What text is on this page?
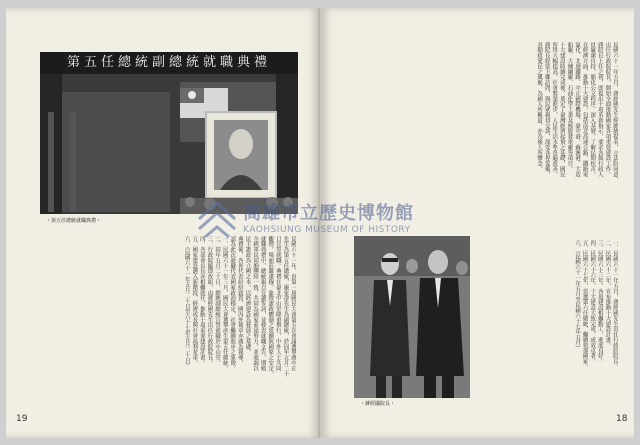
第五任總統副總統就職典禮
・第五任總統就職典禮・
民國六十一年，由第一屆國民大會第五次會議選舉蔣中正
先生為第五任總統，嚴家淦先生為副總統，於同年五月二十
日宣誓就職。典禮在臺北中山堂隆重舉行，中外人士共同
觀禮，場面莊嚴肅穆，象徵憲政體制之延續與國家之安定。
就職典禮中，總統親自宣讀誓詞，並發表就職文告，期勉
全國軍民同胞團結一致，共同為國家前途努力，並強調以
民主憲政為立國之本，以經濟建設為發展之基礎。
典禮後，各界代表紛紛致賀，國內外報章亦廣為報導，
認為此次就職代表國家政治穩定，社會繼續進步之象徵。
一、民國六十一年三月，國民大會選舉產生第五任總統。
二、同年五月二十日，總統副總統宣誓就職於中山堂。
三、行政院隨即改組，由蔣經國先生出任行政院院長。
四、各部會首長亦相繼就任，推動十項重要建設計畫。
五、國家建設邁入新階段，經濟成長與社會福利並重。
六、（民國六十一年五月二十日至六十七年五月二十日）
19
民國六十一年五月，蔣經國先生經總統提名，立法院同意，
出任行政院院長，開始全面推動國家各項重要建設工作。
蔣院長上任之初，即提出十項革新指示，要求各級行政人
員廉潔自持，簡化公文程序，深入基層，了解民間疾苦。
在經濟方面，推動十大建設，包括南北高速公路、鐵路電
氣化、北迴鐵路、中正國際機場、臺中港、蘇澳港、大造
船廠、大煉鋼廠、石油化學工業及核能發電廠等項目。
十大建設陸續完成後，奠定了臺灣經濟起飛之基礎，國民
所得大幅提高，社會繁榮進步，人民生活水準普遍改善。
蔣院長經常下鄉訪問，與民眾親切交談，深受各界愛戴，
其勤政愛民之風範，為國人所稱道，亦為後人所懷念。
・蔣經國院長・
一、民國六十一年五月，蔣經國先生出任行政院院長。
二、民國六十二年，宣布推動十大建設計畫。
三、民國六十三年，各項建設相繼動工，進度良好。
四、民國六十六年，十大建設大致完成，成效卓著。
五、民國六十七年，當選第六任總統，繼續領導國家。
六、（民國六十一年五月至民國六十七年五月）
18
高雄市立歷史博物館
KAOHSIUNG MUSEUM OF HISTORY
